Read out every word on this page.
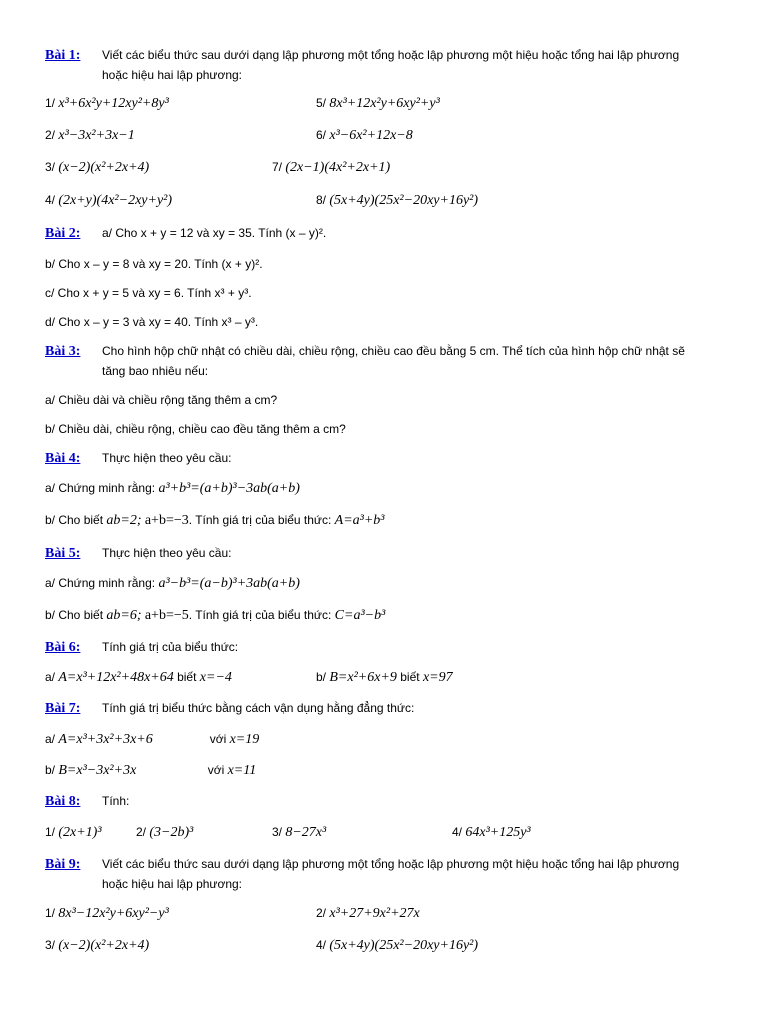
Bài 1: Viết các biểu thức sau dưới dạng lập phương một tổng hoặc lập phương một hiệu hoặc tổng hai lập phương
hoặc hiệu hai lập phương:
1/ x³+6x²y+12xy²+8y³	5/ 8x³+12x²y+6xy²+y³
2/ x³−3x²+3x−1	6/ x³−6x²+12x−8
3/ (x−2)(x²+2x+4)	7/ (2x−1)(4x²+2x+1)
4/ (2x+y)(4x²−2xy+y²)	8/ (5x+4y)(25x²−20xy+16y²)
Bài 2: a/ Cho x + y = 12 và xy = 35. Tính (x – y)².
b/ Cho x – y = 8 và xy = 20. Tính (x + y)².
c/ Cho x + y = 5 và xy = 6. Tính x³ + y³.
d/ Cho x – y = 3 và xy = 40. Tính x³ – y³.
Bài 3: Cho hình hộp chữ nhật có chiều dài, chiều rộng, chiều cao đều bằng 5 cm. Thể tích của hình hộp chữ nhật sẽ
tăng bao nhiêu nếu:
a/ Chiều dài và chiều rộng tăng thêm a cm?
b/ Chiều dài, chiều rộng, chiều cao đều tăng thêm a cm?
Bài 4: Thực hiện theo yêu cầu:
a/ Chứng minh rằng: a³+b³=(a+b)³−3ab(a+b)
b/ Cho biết ab=2; a+b=−3. Tính giá trị của biểu thức: A=a³+b³
Bài 5: Thực hiện theo yêu cầu:
a/ Chứng minh rằng: a³−b³=(a−b)³+3ab(a+b)
b/ Cho biết ab=6; a+b=−5. Tính giá trị của biểu thức: C=a³−b³
Bài 6: Tính giá trị của biểu thức:
a/ A=x³+12x²+48x+64 biết x=−4	b/ B=x²+6x+9 biết x=97
Bài 7: Tính giá trị biểu thức bằng cách vận dụng hằng đẳng thức:
a/ A=x³+3x²+3x+6	với x=19
b/ B=x³−3x²+3x	với x=11
Bài 8: Tính:
1/ (2x+1)³	2/ (3−2b)³	3/ 8−27x³	4/ 64x³+125y³
Bài 9: Viết các biểu thức sau dưới dạng lập phương một tổng hoặc lập phương một hiệu hoặc tổng hai lập phương
hoặc hiệu hai lập phương:
1/ 8x³−12x²y+6xy²−y³	2/ x³+27+9x²+27x
3/ (x−2)(x²+2x+4)	4/ (5x+4y)(25x²−20xy+16y²)
